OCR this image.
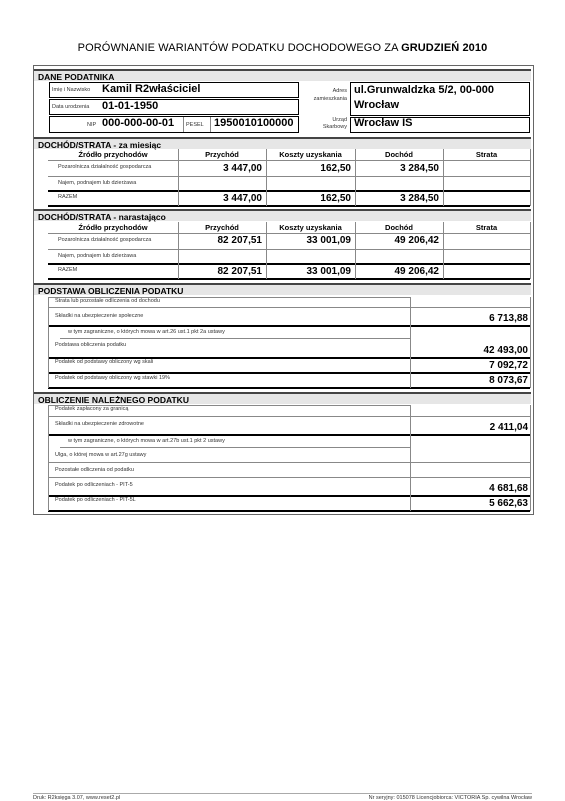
PORÓWNANIE WARIANTÓW PODATKU DOCHODOWEGO ZA GRUDZIEŃ 2010
DANE PODATNIKA
Imię i Nazwisko Kamil R2właściciel
Data urodzenia 01-01-1950
NIP 000-000-00-01 PESEL 1950010100000
Adres
zamieszkania
ul.Grunwaldzka 5/2, 00-000
Wrocław
Urząd
Skarbowy Wrocław IS
DOCHÓD/STRATA - za miesiąc
Źródło przychodów	Przychód	Koszty uzyskania	Dochód	Strata
Pozarolnicza działalność gospodarcza	3 447,00	162,50	3 284,50
Najem, podnajem lub dzierżawa
RAZEM	3 447,00	162,50	3 284,50
DOCHÓD/STRATA - narastająco
Źródło przychodów	Przychód	Koszty uzyskania	Dochód	Strata
Pozarolnicza działalność gospodarcza	82 207,51	33 001,09	49 206,42
Najem, podnajem lub dzierżawa
RAZEM	82 207,51	33 001,09	49 206,42
PODSTAWA OBLICZENIA PODATKU
Strata lub pozostałe odliczenia od dochodu
Składki na ubezpieczenie społeczne	6 713,88
w tym zagraniczne, o których mowa w art.26 ust.1 pkt 2a ustawy
Podstawa obliczenia podatku	42 493,00
Podatek od podstawy obliczony wg skali	7 092,72
Podatek od podstawy obliczony wg stawki 19%	8 073,67
OBLICZENIE NALEŻNEGO PODATKU
Podatek zapłacony za granicą
Składki na ubezpieczenie zdrowotne	2 411,04
w tym zagraniczne, o których mowa w art.27b ust.1 pkt 2 ustawy
Ulga, o której mowa w art.27g ustawy
Pozostałe odliczenia od podatku
Podatek po odliczeniach - PIT-5	4 681,68
Podatek po odliczeniach - PIT-5L	5 662,63
Druk: R2księga 3.07, www.reset2.pl	Nr seryjny: 015078 Licencjobiorca: VICTORIA Sp. cywilna Wrocław
